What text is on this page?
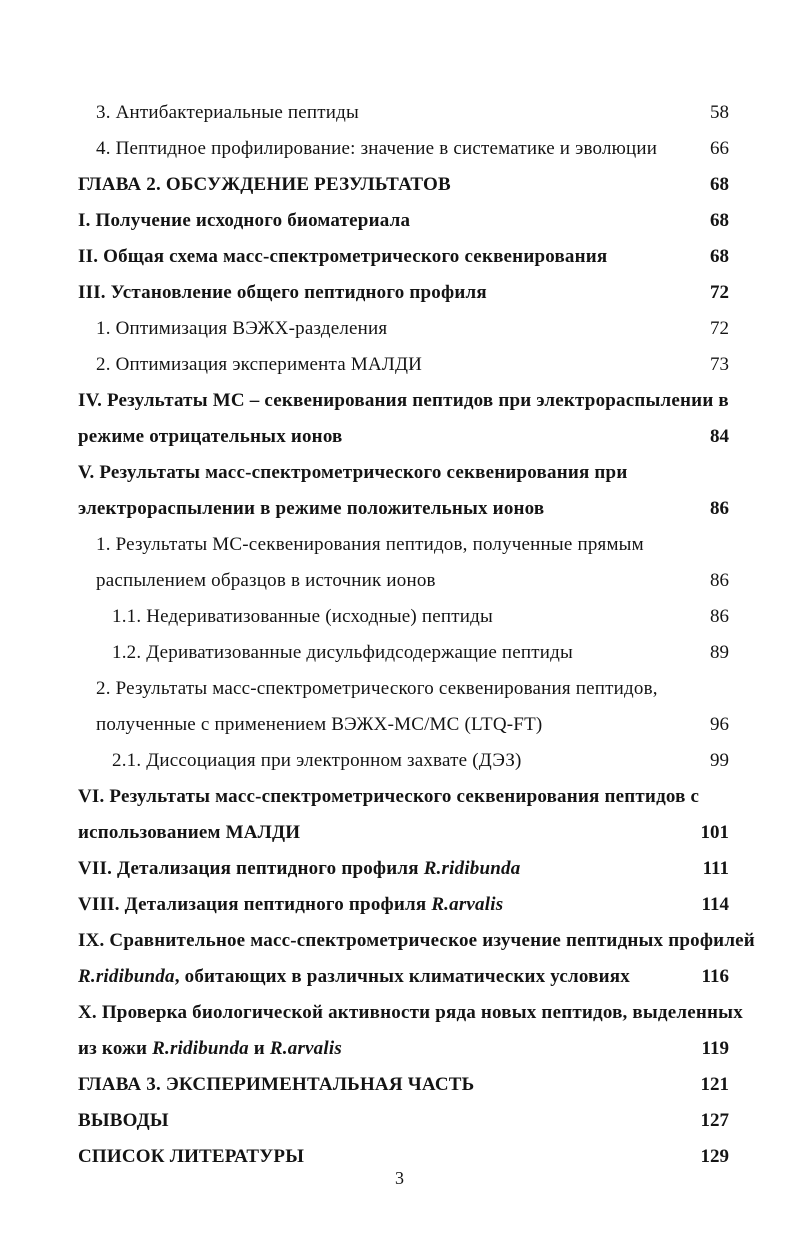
3. Антибактериальные пептиды	58
4. Пептидное профилирование: значение в систематике и эволюции	66
ГЛАВА 2. ОБСУЖДЕНИЕ РЕЗУЛЬТАТОВ	68
I. Получение исходного биоматериала	68
II. Общая схема масс-спектрометрического секвенирования	68
III. Установление общего пептидного профиля	72
1. Оптимизация ВЭЖХ-разделения	72
2. Оптимизация эксперимента МАЛДИ	73
IV. Результаты МС – секвенирования пептидов при электрораспылении в
режиме отрицательных ионов	84
V. Результаты масс-спектрометрического секвенирования при
электрораспылении в режиме положительных ионов	86
1. Результаты МС-секвенирования пептидов, полученные прямым
распылением образцов в источник ионов	86
1.1. Недериватизованные (исходные) пептиды	86
1.2. Дериватизованные дисульфидсодержащие пептиды	89
2. Результаты масс-спектрометрического секвенирования пептидов,
полученные с применением ВЭЖХ-МС/МС (LTQ-FT)	96
2.1. Диссоциация при электронном захвате (ДЭЗ)	99
VI. Результаты масс-спектрометрического секвенирования пептидов с
использованием МАЛДИ	101
VII. Детализация пептидного профиля R.ridibunda	111
VIII. Детализация пептидного профиля R.arvalis	114
IX. Сравнительное масс-спектрометрическое изучение пептидных профилей
R.ridibunda, обитающих в различных климатических условиях	116
X. Проверка биологической активности ряда новых пептидов, выделенных
из кожи R.ridibunda и R.arvalis	119
ГЛАВА 3. ЭКСПЕРИМЕНТАЛЬНАЯ ЧАСТЬ	121
ВЫВОДЫ	127
СПИСОК ЛИТЕРАТУРЫ	129
3
